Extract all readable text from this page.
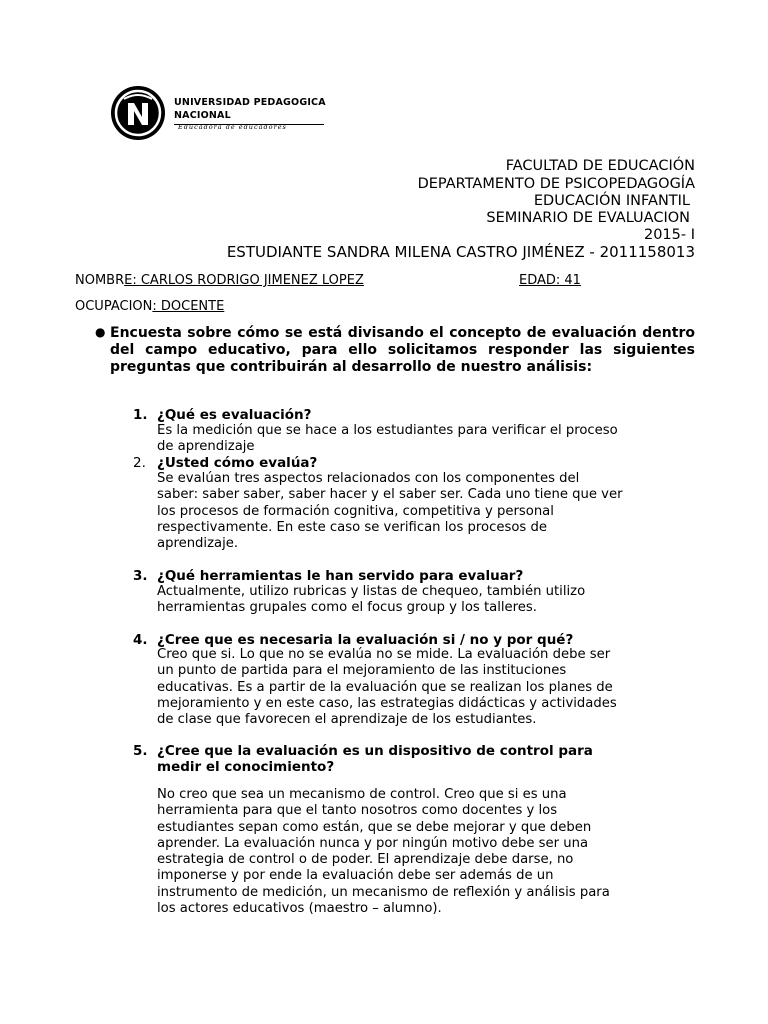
UNIVERSIDAD PEDAGOGICA
NACIONAL
Educadora de educadores
FACULTAD DE EDUCACIÓN
DEPARTAMENTO DE PSICOPEDAGOGÍA
EDUCACIÓN INFANTIL
SEMINARIO DE EVALUACION
2015- I
ESTUDIANTE SANDRA MILENA CASTRO JIMÉNEZ - 2011158013
NOMBRE: CARLOS RODRIGO JIMENEZ LOPEZ	EDAD: 41
OCUPACION: DOCENTE
● Encuesta sobre cómo se está divisando el concepto de evaluación dentro del campo educativo, para ello solicitamos responder las siguientes preguntas que contribuirán al desarrollo de nuestro análisis:
1. ¿Qué es evaluación?
Es la medición que se hace a los estudiantes para verificar el proceso
de aprendizaje
2. ¿Usted cómo evalúa?
Se evalúan tres aspectos relacionados con los componentes del
saber: saber saber, saber hacer y el saber ser. Cada uno tiene que ver
los procesos de formación cognitiva, competitiva y personal
respectivamente. En este caso se verifican los procesos de
aprendizaje.
3. ¿Qué herramientas le han servido para evaluar?
Actualmente, utilizo rubricas y listas de chequeo, también utilizo
herramientas grupales como el focus group y los talleres.
4. ¿Cree que es necesaria la evaluación si / no y por qué?
Creo que si. Lo que no se evalúa no se mide. La evaluación debe ser
un punto de partida para el mejoramiento de las instituciones
educativas. Es a partir de la evaluación que se realizan los planes de
mejoramiento y en este caso, las estrategias didácticas y actividades
de clase que favorecen el aprendizaje de los estudiantes.
5. ¿Cree que la evaluación es un dispositivo de control para
medir el conocimiento?
No creo que sea un mecanismo de control. Creo que si es una
herramienta para que el tanto nosotros como docentes y los
estudiantes sepan como están, que se debe mejorar y que deben
aprender. La evaluación nunca y por ningún motivo debe ser una
estrategia de control o de poder. El aprendizaje debe darse, no
imponerse y por ende la evaluación debe ser además de un
instrumento de medición, un mecanismo de reflexión y análisis para
los actores educativos (maestro – alumno).
